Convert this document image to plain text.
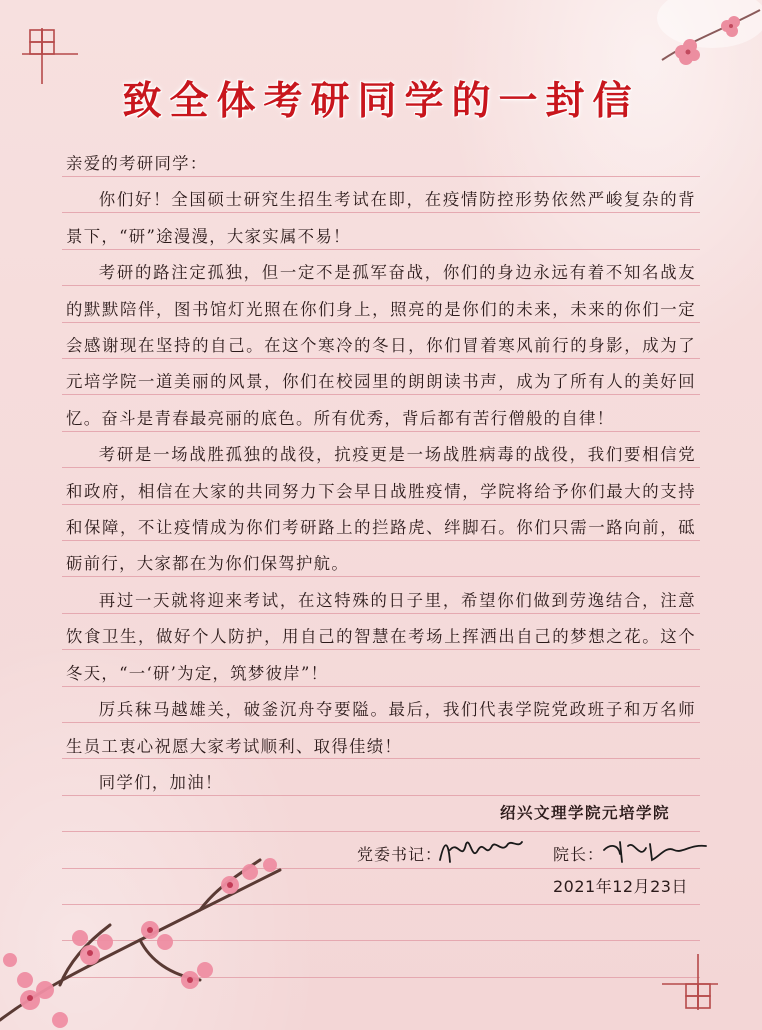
致全体考研同学的一封信

亲爱的考研同学：

你们好！全国硕士研究生招生考试在即，在疫情防控形势依然严峻复杂的背景下，“研”途漫漫，大家实属不易！

考研的路注定孤独，但一定不是孤军奋战，你们的身边永远有着不知名战友的默默陪伴，图书馆灯光照在你们身上，照亮的是你们的未来，未来的你们一定会感谢现在坚持的自己。在这个寒冷的冬日，你们冒着寒风前行的身影，成为了元培学院一道美丽的风景，你们在校园里的朗朗读书声，成为了所有人的美好回忆。奋斗是青春最亮丽的底色。所有优秀，背后都有苦行僧般的自律！

考研是一场战胜孤独的战役，抗疫更是一场战胜病毒的战役，我们要相信党和政府，相信在大家的共同努力下会早日战胜疫情，学院将给予你们最大的支持和保障，不让疫情成为你们考研路上的拦路虎、绊脚石。你们只需一路向前，砥砺前行，大家都在为你们保驾护航。

再过一天就将迎来考试，在这特殊的日子里，希望你们做到劳逸结合，注意饮食卫生，做好个人防护，用自己的智慧在考场上挥洒出自己的梦想之花。这个冬天，“一‘研’为定，筑梦彼岸”！

厉兵秣马越雄关，破釜沉舟夺要隘。最后，我们代表学院党政班子和万名师生员工衷心祝愿大家考试顺利、取得佳绩！

同学们，加油！

绍兴文理学院元培学院
党委书记：	院长：
2021年12月23日
